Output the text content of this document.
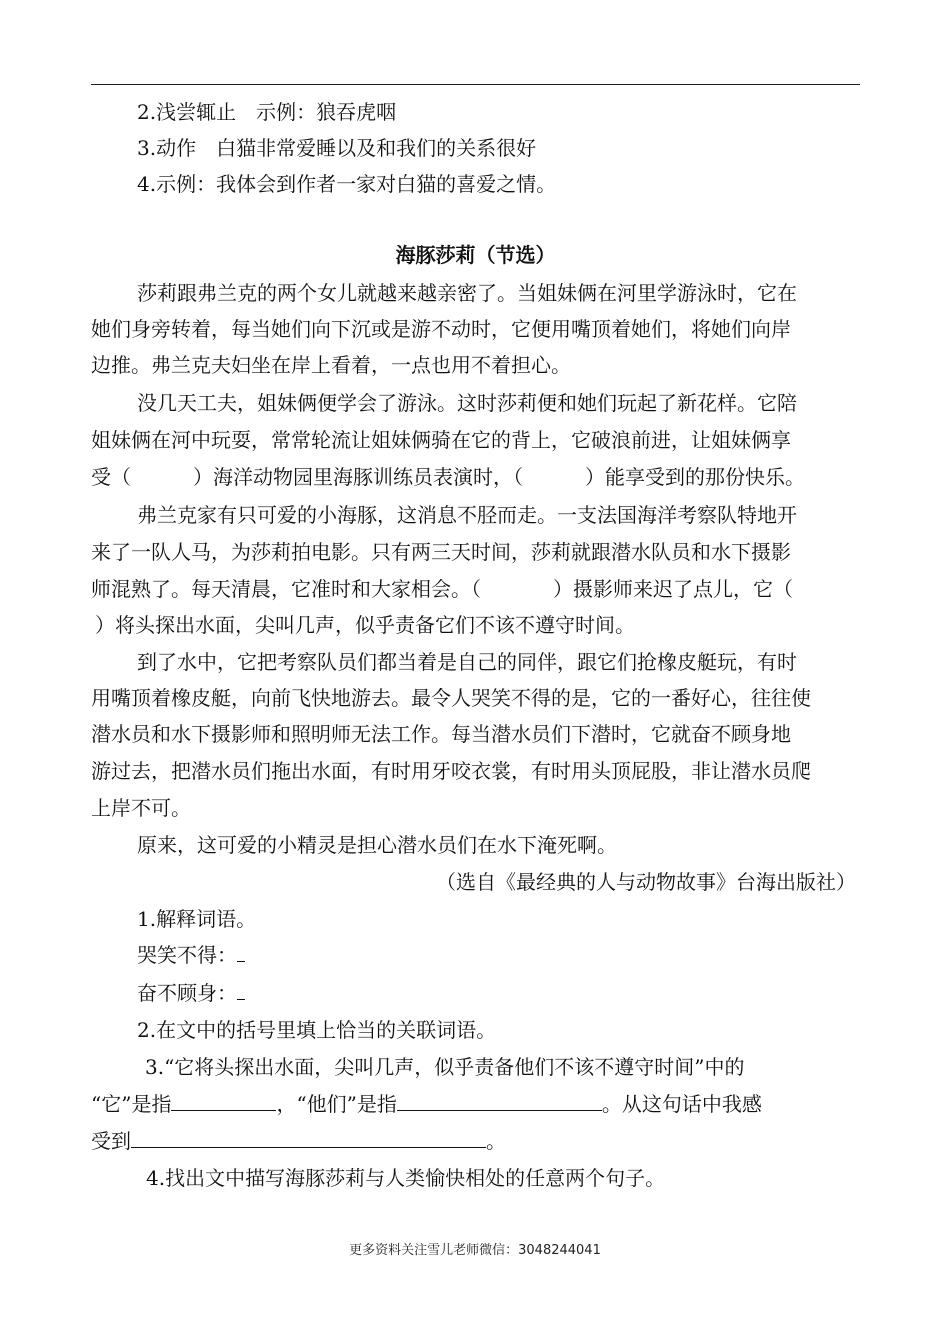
2.浅尝辄止　示例：狼吞虎咽
3.动作　白猫非常爱睡以及和我们的关系很好
4.示例：我体会到作者一家对白猫的喜爱之情。
海豚莎莉（节选）
莎莉跟弗兰克的两个女儿就越来越亲密了。当姐妹俩在河里学游泳时，它在
她们身旁转着，每当她们向下沉或是游不动时，它便用嘴顶着她们，将她们向岸
边推。弗兰克夫妇坐在岸上看着，一点也用不着担心。
没几天工夫，姐妹俩便学会了游泳。这时莎莉便和她们玩起了新花样。它陪
姐妹俩在河中玩耍，常常轮流让姐妹俩骑在它的背上，它破浪前进，让姐妹俩享
受（	）海洋动物园里海豚训练员表演时，（	）能享受到的那份快乐。
弗兰克家有只可爱的小海豚，这消息不胫而走。一支法国海洋考察队特地开
来了一队人马，为莎莉拍电影。只有两三天时间，莎莉就跟潜水队员和水下摄影
师混熟了。每天清晨，它准时和大家相会。（	）摄影师来迟了点儿，它（
）将头探出水面，尖叫几声，似乎责备它们不该不遵守时间。
到了水中，它把考察队员们都当着是自己的同伴，跟它们抢橡皮艇玩，有时
用嘴顶着橡皮艇，向前飞快地游去。最令人哭笑不得的是，它的一番好心，往往使
潜水员和水下摄影师和照明师无法工作。每当潜水员们下潜时，它就奋不顾身地
游过去，把潜水员们拖出水面，有时用牙咬衣裳，有时用头顶屁股，非让潜水员爬
上岸不可。
原来，这可爱的小精灵是担心潜水员们在水下淹死啊。
（选自《最经典的人与动物故事》台海出版社）
1.解释词语。
哭笑不得：
奋不顾身：
2.在文中的括号里填上恰当的关联词语。
3.“它将头探出水面，尖叫几声，似乎责备他们不该不遵守时间”中的
“它”是指	，“他们”是指	。从这句话中我感
受到	。
4.找出文中描写海豚莎莉与人类愉快相处的任意两个句子。
更多资料关注雪儿老师微信：3048244041
